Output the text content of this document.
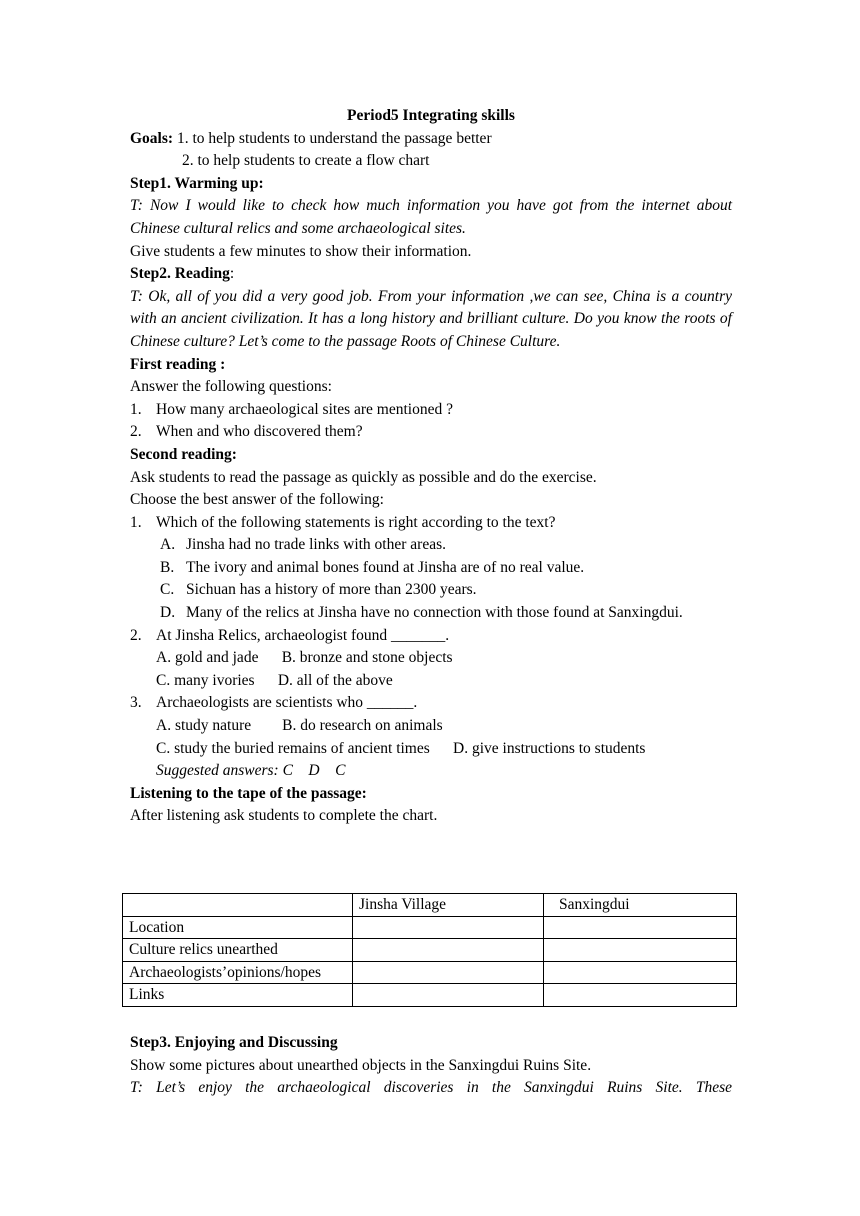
Period5 Integrating skills
Goals: 1. to help students to understand the passage better
2. to help students to create a flow chart
Step1. Warming up:
T: Now I would like to check how much information you have got from the internet about Chinese cultural relics and some archaeological sites.
Give students a few minutes to show their information.
Step2. Reading:
T: Ok, all of you did a very good job. From your information ,we can see, China is a country with an ancient civilization. It has a long history and brilliant culture. Do you know the roots of Chinese culture? Let’s come to the passage Roots of Chinese Culture.
First reading :
Answer the following questions:
1. How many archaeological sites are mentioned ?
2. When and who discovered them?
Second reading:
Ask students to read the passage as quickly as possible and do the exercise.
Choose the best answer of the following:
1. Which of the following statements is right according to the text?
A. Jinsha had no trade links with other areas.
B. The ivory and animal bones found at Jinsha are of no real value.
C. Sichuan has a history of more than 2300 years.
D. Many of the relics at Jinsha have no connection with those found at Sanxingdui.
2. At Jinsha Relics, archaeologist found _______.
A. gold and jade      B. bronze and stone objects
C. many ivories      D. all of the above
3. Archaeologists are scientists who ______.
A. study nature        B. do research on animals
C. study the buried remains of ancient times      D. give instructions to students
Suggested answers: C    D    C
Listening to the tape of the passage:
After listening ask students to complete the chart.
	Jinsha Village	Sanxingdui
Location		
Culture relics unearthed		
Archaeologists’opinions/hopes		
Links		
Step3. Enjoying and Discussing
Show some pictures about unearthed objects in the Sanxingdui Ruins Site.
T: Let’s enjoy the archaeological discoveries in the Sanxingdui Ruins Site. These
